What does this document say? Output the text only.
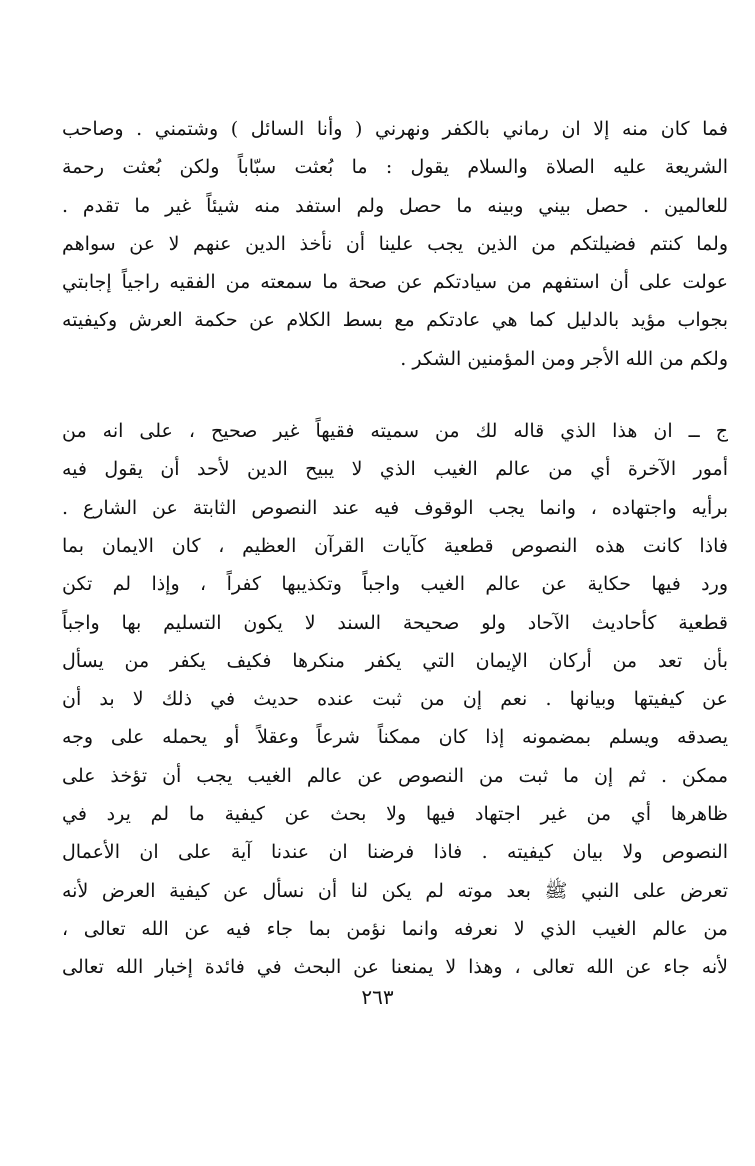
فما كان منه إلا ان رماني بالكفر ونهرني ( وأنا السائل ) وشتمني . وصاحب
الشريعة عليه الصلاة والسلام يقول : ما بُعثت سبّاباً ولكن بُعثت رحمة
للعالمين . حصل بيني وبينه ما حصل ولم استفد منه شيئاً غير ما تقدم .
ولما كنتم فضيلتكم من الذين يجب علينا أن نأخذ الدين عنهم لا عن سواهم
عولت على أن استفهم من سيادتكم عن صحة ما سمعته من الفقيه راجياً إجابتي
بجواب مؤيد بالدليل كما هي عادتكم مع بسط الكلام عن حكمة العرش وكيفيته
ولكم من الله الأجر ومن المؤمنين الشكر .
ج ــ ان هذا الذي قاله لك من سميته فقيهاً غير صحيح ، على انه من
أمور الآخرة أي من عالم الغيب الذي لا يبيح الدين لأحد أن يقول فيه
برأيه واجتهاده ، وانما يجب الوقوف فيه عند النصوص الثابتة عن الشارع .
فاذا كانت هذه النصوص قطعية كآيات القرآن العظيم ، كان الايمان بما
ورد فيها حكاية عن عالم الغيب واجباً وتكذيبها كفراً ، وإذا لم تكن
قطعية كأحاديث الآحاد ولو صحيحة السند لا يكون التسليم بها واجباً
بأن تعد من أركان الإيمان التي يكفر منكرها فكيف يكفر من يسأل
عن كيفيتها وبيانها . نعم إن من ثبت عنده حديث في ذلك لا بد أن
يصدقه ويسلم بمضمونه إذا كان ممكناً شرعاً وعقلاً أو يحمله على وجه
ممكن . ثم إن ما ثبت من النصوص عن عالم الغيب يجب أن تؤخذ على
ظاهرها أي من غير اجتهاد فيها ولا بحث عن كيفية ما لم يرد في
النصوص ولا بيان كيفيته . فاذا فرضنا ان عندنا آية على ان الأعمال
تعرض على النبي ﷺ بعد موته لم يكن لنا أن نسأل عن كيفية العرض لأنه
من عالم الغيب الذي لا نعرفه وانما نؤمن بما جاء فيه عن الله تعالى ،
لأنه جاء عن الله تعالى ، وهذا لا يمنعنا عن البحث في فائدة إخبار الله تعالى
٢٦٣
